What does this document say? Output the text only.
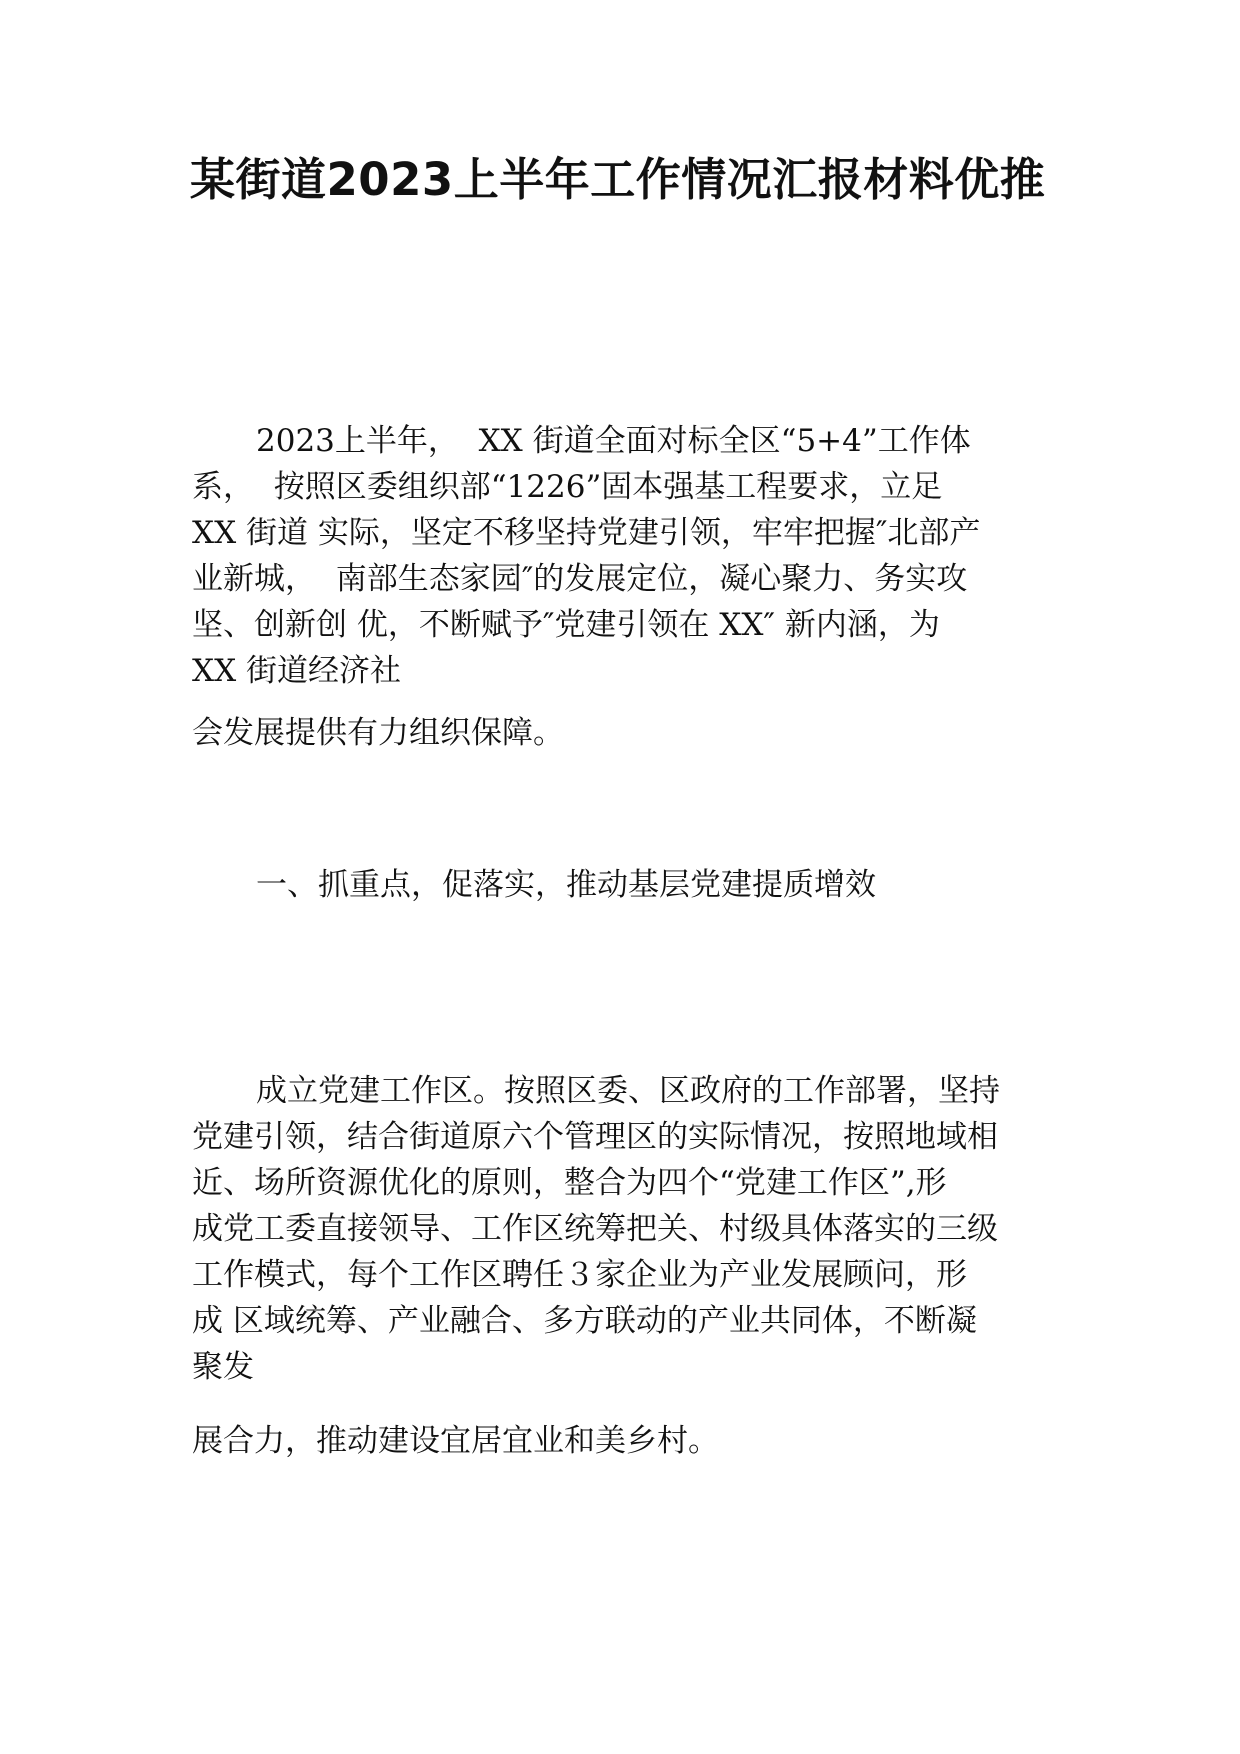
某街道2023上半年工作情况汇报材料优推

2023上半年，  XX 街道全面对标全区“5+4”工作体

系，  按照区委组织部“1226”固本强基工程要求，立足

XX 街道 实际，坚定不移坚持党建引领，牢牢把握″北部产

业新城，  南部生态家园″的发展定位，凝心聚力、务实攻

坚、创新创 优，不断赋予″党建引领在 XX″ 新内涵，为

XX 街道经济社

会发展提供有力组织保障。

一、抓重点，促落实，推动基层党建提质增效

成立党建工作区。按照区委、区政府的工作部署，坚持

党建引领，结合街道原六个管理区的实际情况，按照地域相

近、场所资源优化的原则，整合为四个“党建工作区”,形

成党工委直接领导、工作区统筹把关、村级具体落实的三级

工作模式，每个工作区聘任３家企业为产业发展顾问，形

成 区域统筹、产业融合、多方联动的产业共同体，不断凝

聚发

展合力，推动建设宜居宜业和美乡村。
